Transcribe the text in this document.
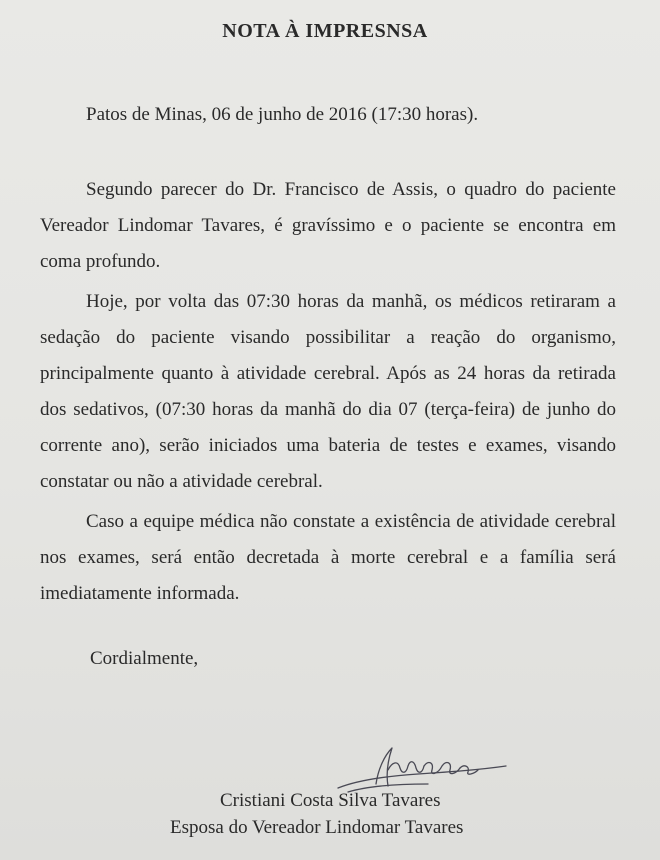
NOTA À IMPRESNSA
Patos de Minas, 06 de junho de 2016 (17:30 horas).

Segundo parecer do Dr. Francisco de Assis, o quadro do paciente Vereador Lindomar Tavares, é gravíssimo e o paciente se encontra em coma profundo.

Hoje, por volta das 07:30 horas da manhã, os médicos retiraram a sedação do paciente visando possibilitar a reação do organismo, principalmente quanto à atividade cerebral. Após as 24 horas da retirada dos sedativos, (07:30 horas da manhã do dia 07 (terça-feira) de junho do corrente ano), serão iniciados uma bateria de testes e exames, visando constatar ou não a atividade cerebral.

Caso a equipe médica não constate a existência de atividade cerebral nos exames, será então decretada à morte cerebral e a família será imediatamente informada.

Cordialmente,
Cristiani Costa Silva Tavares
Esposa do Vereador Lindomar Tavares
